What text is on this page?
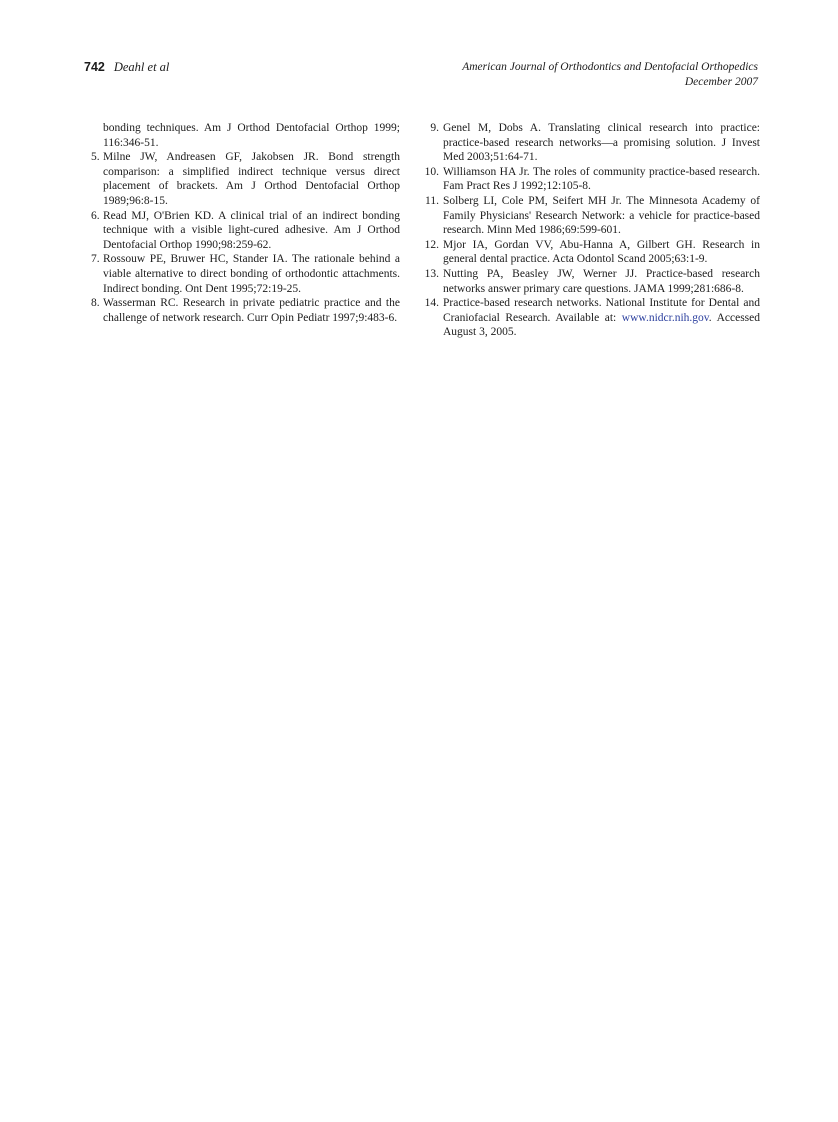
742 Deahl et al	American Journal of Orthodontics and Dentofacial Orthopedics
December 2007

bonding techniques. Am J Orthod Dentofacial Orthop 1999; 116:346-51.

5. Milne JW, Andreasen GF, Jakobsen JR. Bond strength comparison: a simplified indirect technique versus direct placement of brackets. Am J Orthod Dentofacial Orthop 1989;96:8-15.
6. Read MJ, O'Brien KD. A clinical trial of an indirect bonding technique with a visible light-cured adhesive. Am J Orthod Dentofacial Orthop 1990;98:259-62.
7. Rossouw PE, Bruwer HC, Stander IA. The rationale behind a viable alternative to direct bonding of orthodontic attachments. Indirect bonding. Ont Dent 1995;72:19-25.
8. Wasserman RC. Research in private pediatric practice and the challenge of network research. Curr Opin Pediatr 1997;9:483-6.
9. Genel M, Dobs A. Translating clinical research into practice: practice-based research networks—a promising solution. J Invest Med 2003;51:64-71.
10. Williamson HA Jr. The roles of community practice-based research. Fam Pract Res J 1992;12:105-8.
11. Solberg LI, Cole PM, Seifert MH Jr. The Minnesota Academy of Family Physicians' Research Network: a vehicle for practice-based research. Minn Med 1986;69:599-601.
12. Mjor IA, Gordan VV, Abu-Hanna A, Gilbert GH. Research in general dental practice. Acta Odontol Scand 2005;63:1-9.
13. Nutting PA, Beasley JW, Werner JJ. Practice-based research networks answer primary care questions. JAMA 1999;281:686-8.
14. Practice-based research networks. National Institute for Dental and Craniofacial Research. Available at: www.nidcr.nih.gov. Accessed August 3, 2005.
